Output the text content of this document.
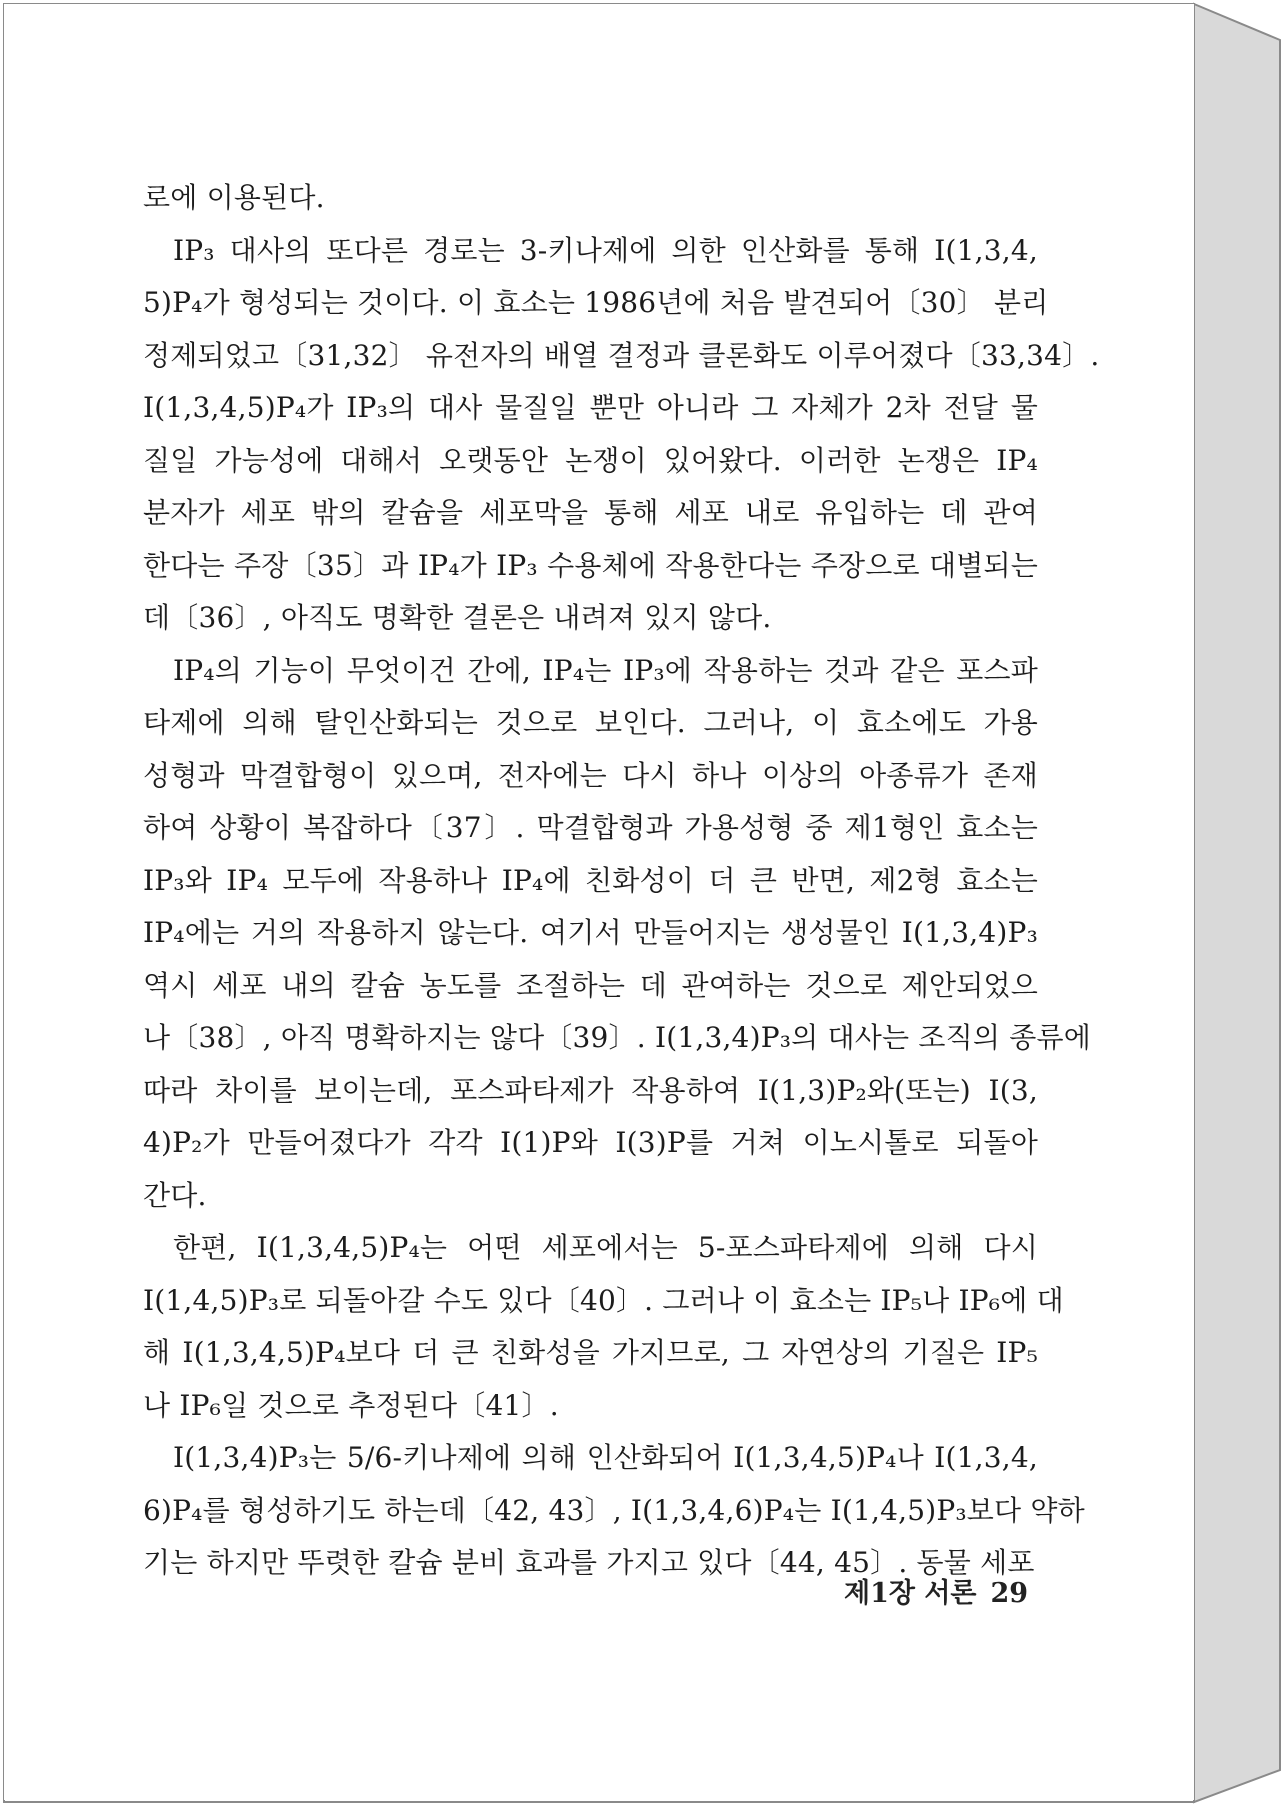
로에 이용된다.
IP₃ 대사의 또다른 경로는 3-키나제에 의한 인산화를 통해 I(1,3,4,
5)P₄가 형성되는 것이다. 이 효소는 1986년에 처음 발견되어〔30〕 분리
정제되었고〔31,32〕 유전자의 배열 결정과 클론화도 이루어졌다〔33,34〕.
I(1,3,4,5)P₄가 IP₃의 대사 물질일 뿐만 아니라 그 자체가 2차 전달 물
질일 가능성에 대해서 오랫동안 논쟁이 있어왔다. 이러한 논쟁은 IP₄
분자가 세포 밖의 칼슘을 세포막을 통해 세포 내로 유입하는 데 관여
한다는 주장〔35〕과 IP₄가 IP₃ 수용체에 작용한다는 주장으로 대별되는
데〔36〕, 아직도 명확한 결론은 내려져 있지 않다.
IP₄의 기능이 무엇이건 간에, IP₄는 IP₃에 작용하는 것과 같은 포스파
타제에 의해 탈인산화되는 것으로 보인다. 그러나, 이 효소에도 가용
성형과 막결합형이 있으며, 전자에는 다시 하나 이상의 아종류가 존재
하여 상황이 복잡하다〔37〕. 막결합형과 가용성형 중 제1형인 효소는
IP₃와 IP₄ 모두에 작용하나 IP₄에 친화성이 더 큰 반면, 제2형 효소는
IP₄에는 거의 작용하지 않는다. 여기서 만들어지는 생성물인 I(1,3,4)P₃
역시 세포 내의 칼슘 농도를 조절하는 데 관여하는 것으로 제안되었으
나〔38〕, 아직 명확하지는 않다〔39〕. I(1,3,4)P₃의 대사는 조직의 종류에
따라 차이를 보이는데, 포스파타제가 작용하여 I(1,3)P₂와(또는) I(3,
4)P₂가 만들어졌다가 각각 I(1)P와 I(3)P를 거쳐 이노시톨로 되돌아
간다.
한편, I(1,3,4,5)P₄는 어떤 세포에서는 5-포스파타제에 의해 다시
I(1,4,5)P₃로 되돌아갈 수도 있다〔40〕. 그러나 이 효소는 IP₅나 IP₆에 대
해 I(1,3,4,5)P₄보다 더 큰 친화성을 가지므로, 그 자연상의 기질은 IP₅
나 IP₆일 것으로 추정된다〔41〕.
I(1,3,4)P₃는 5/6-키나제에 의해 인산화되어 I(1,3,4,5)P₄나 I(1,3,4,
6)P₄를 형성하기도 하는데〔42, 43〕, I(1,3,4,6)P₄는 I(1,4,5)P₃보다 약하
기는 하지만 뚜렷한 칼슘 분비 효과를 가지고 있다〔44, 45〕. 동물 세포
제1장 서론 29
